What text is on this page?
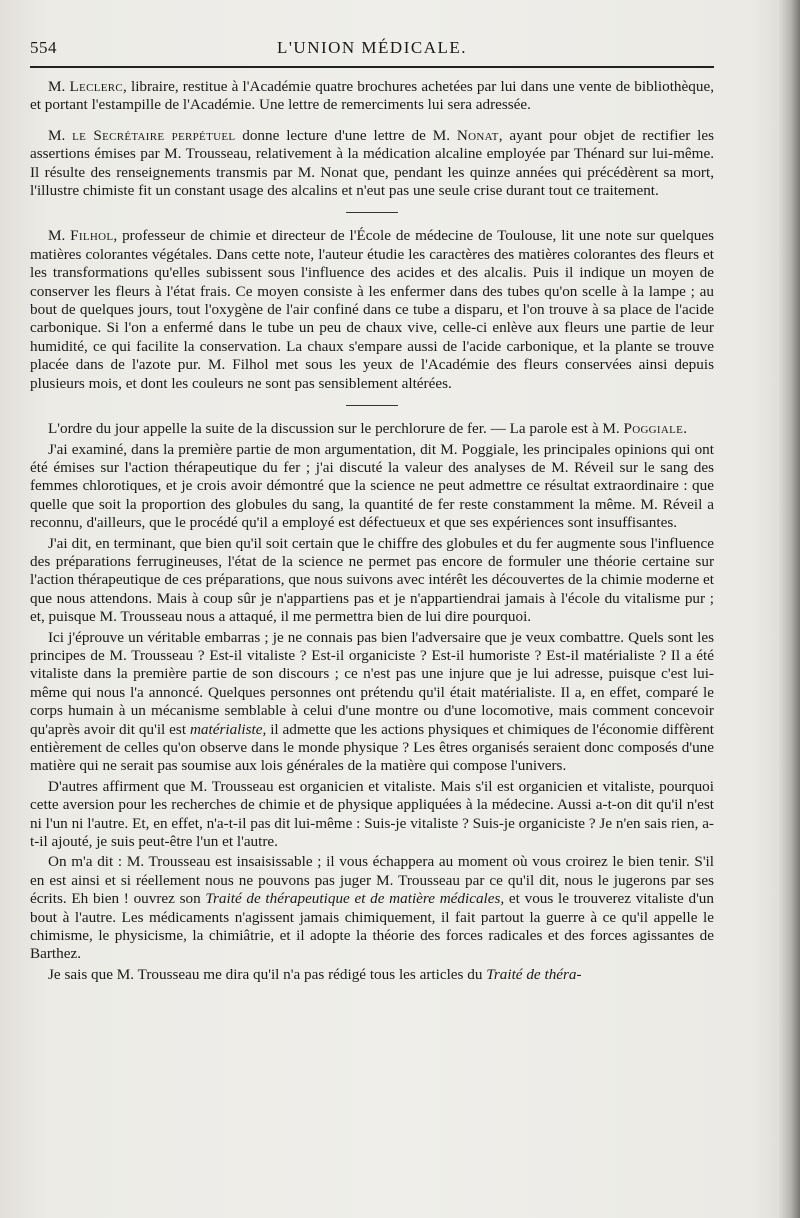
554	L'UNION MÉDICALE.

M. Leclerc, libraire, restitue à l'Académie quatre brochures achetées par lui dans une vente de bibliothèque, et portant l'estampille de l'Académie. Une lettre de remerciments lui sera adressée.

M. le Secrétaire perpétuel donne lecture d'une lettre de M. Nonat, ayant pour objet de rectifier les assertions émises par M. Trousseau, relativement à la médication alcaline employée par Thénard sur lui-même. Il résulte des renseignements transmis par M. Nonat que, pendant les quinze années qui précédèrent sa mort, l'illustre chimiste fit un constant usage des alcalins et n'eut pas une seule crise durant tout ce traitement.

M. Filhol, professeur de chimie et directeur de l'École de médecine de Toulouse, lit une note sur quelques matières colorantes végétales. Dans cette note, l'auteur étudie les caractères des matières colorantes des fleurs et les transformations qu'elles subissent sous l'influence des acides et des alcalis. Puis il indique un moyen de conserver les fleurs à l'état frais. Ce moyen consiste à les enfermer dans des tubes qu'on scelle à la lampe ; au bout de quelques jours, tout l'oxygène de l'air confiné dans ce tube a disparu, et l'on trouve à sa place de l'acide carbonique. Si l'on a enfermé dans le tube un peu de chaux vive, celle-ci enlève aux fleurs une partie de leur humidité, ce qui facilite la conservation. La chaux s'empare aussi de l'acide carbonique, et la plante se trouve placée dans de l'azote pur. M. Filhol met sous les yeux de l'Académie des fleurs conservées ainsi depuis plusieurs mois, et dont les couleurs ne sont pas sensiblement altérées.

L'ordre du jour appelle la suite de la discussion sur le perchlorure de fer. — La parole est à M. Poggiale.

J'ai examiné, dans la première partie de mon argumentation, dit M. Poggiale, les principales opinions qui ont été émises sur l'action thérapeutique du fer ; j'ai discuté la valeur des analyses de M. Réveil sur le sang des femmes chlorotiques, et je crois avoir démontré que la science ne peut admettre ce résultat extraordinaire : que quelle que soit la proportion des globules du sang, la quantité de fer reste constamment la même. M. Réveil a reconnu, d'ailleurs, que le procédé qu'il a employé est défectueux et que ses expériences sont insuffisantes.

J'ai dit, en terminant, que bien qu'il soit certain que le chiffre des globules et du fer augmente sous l'influence des préparations ferrugineuses, l'état de la science ne permet pas encore de formuler une théorie certaine sur l'action thérapeutique de ces préparations, que nous suivons avec intérêt les découvertes de la chimie moderne et que nous attendons. Mais à coup sûr je n'appartiens pas et je n'appartiendrai jamais à l'école du vitalisme pur ; et, puisque M. Trousseau nous a attaqué, il me permettra bien de lui dire pourquoi.

Ici j'éprouve un véritable embarras ; je ne connais pas bien l'adversaire que je veux combattre. Quels sont les principes de M. Trousseau ? Est-il vitaliste ? Est-il organiciste ? Est-il humoriste ? Est-il matérialiste ? Il a été vitaliste dans la première partie de son discours ; ce n'est pas une injure que je lui adresse, puisque c'est lui-même qui nous l'a annoncé. Quelques personnes ont prétendu qu'il était matérialiste. Il a, en effet, comparé le corps humain à un mécanisme semblable à celui d'une montre ou d'une locomotive, mais comment concevoir qu'après avoir dit qu'il est matérialiste, il admette que les actions physiques et chimiques de l'économie diffèrent entièrement de celles qu'on observe dans le monde physique ? Les êtres organisés seraient donc composés d'une matière qui ne serait pas soumise aux lois générales de la matière qui compose l'univers.

D'autres affirment que M. Trousseau est organicien et vitaliste. Mais s'il est organicien et vitaliste, pourquoi cette aversion pour les recherches de chimie et de physique appliquées à la médecine. Aussi a-t-on dit qu'il n'est ni l'un ni l'autre. Et, en effet, n'a-t-il pas dit lui-même : Suis-je vitaliste ? Suis-je organiciste ? Je n'en sais rien, a-t-il ajouté, je suis peut-être l'un et l'autre.

On m'a dit : M. Trousseau est insaisissable ; il vous échappera au moment où vous croirez le bien tenir. S'il en est ainsi et si réellement nous ne pouvons pas juger M. Trousseau par ce qu'il dit, nous le jugerons par ses écrits. Eh bien ! ouvrez son Traité de thérapeutique et de matière médicales, et vous le trouverez vitaliste d'un bout à l'autre. Les médicaments n'agissent jamais chimiquement, il fait partout la guerre à ce qu'il appelle le chimisme, le physicisme, la chimiâtrie, et il adopte la théorie des forces radicales et des forces agissantes de Barthez.

Je sais que M. Trousseau me dira qu'il n'a pas rédigé tous les articles du Traité de théra-
